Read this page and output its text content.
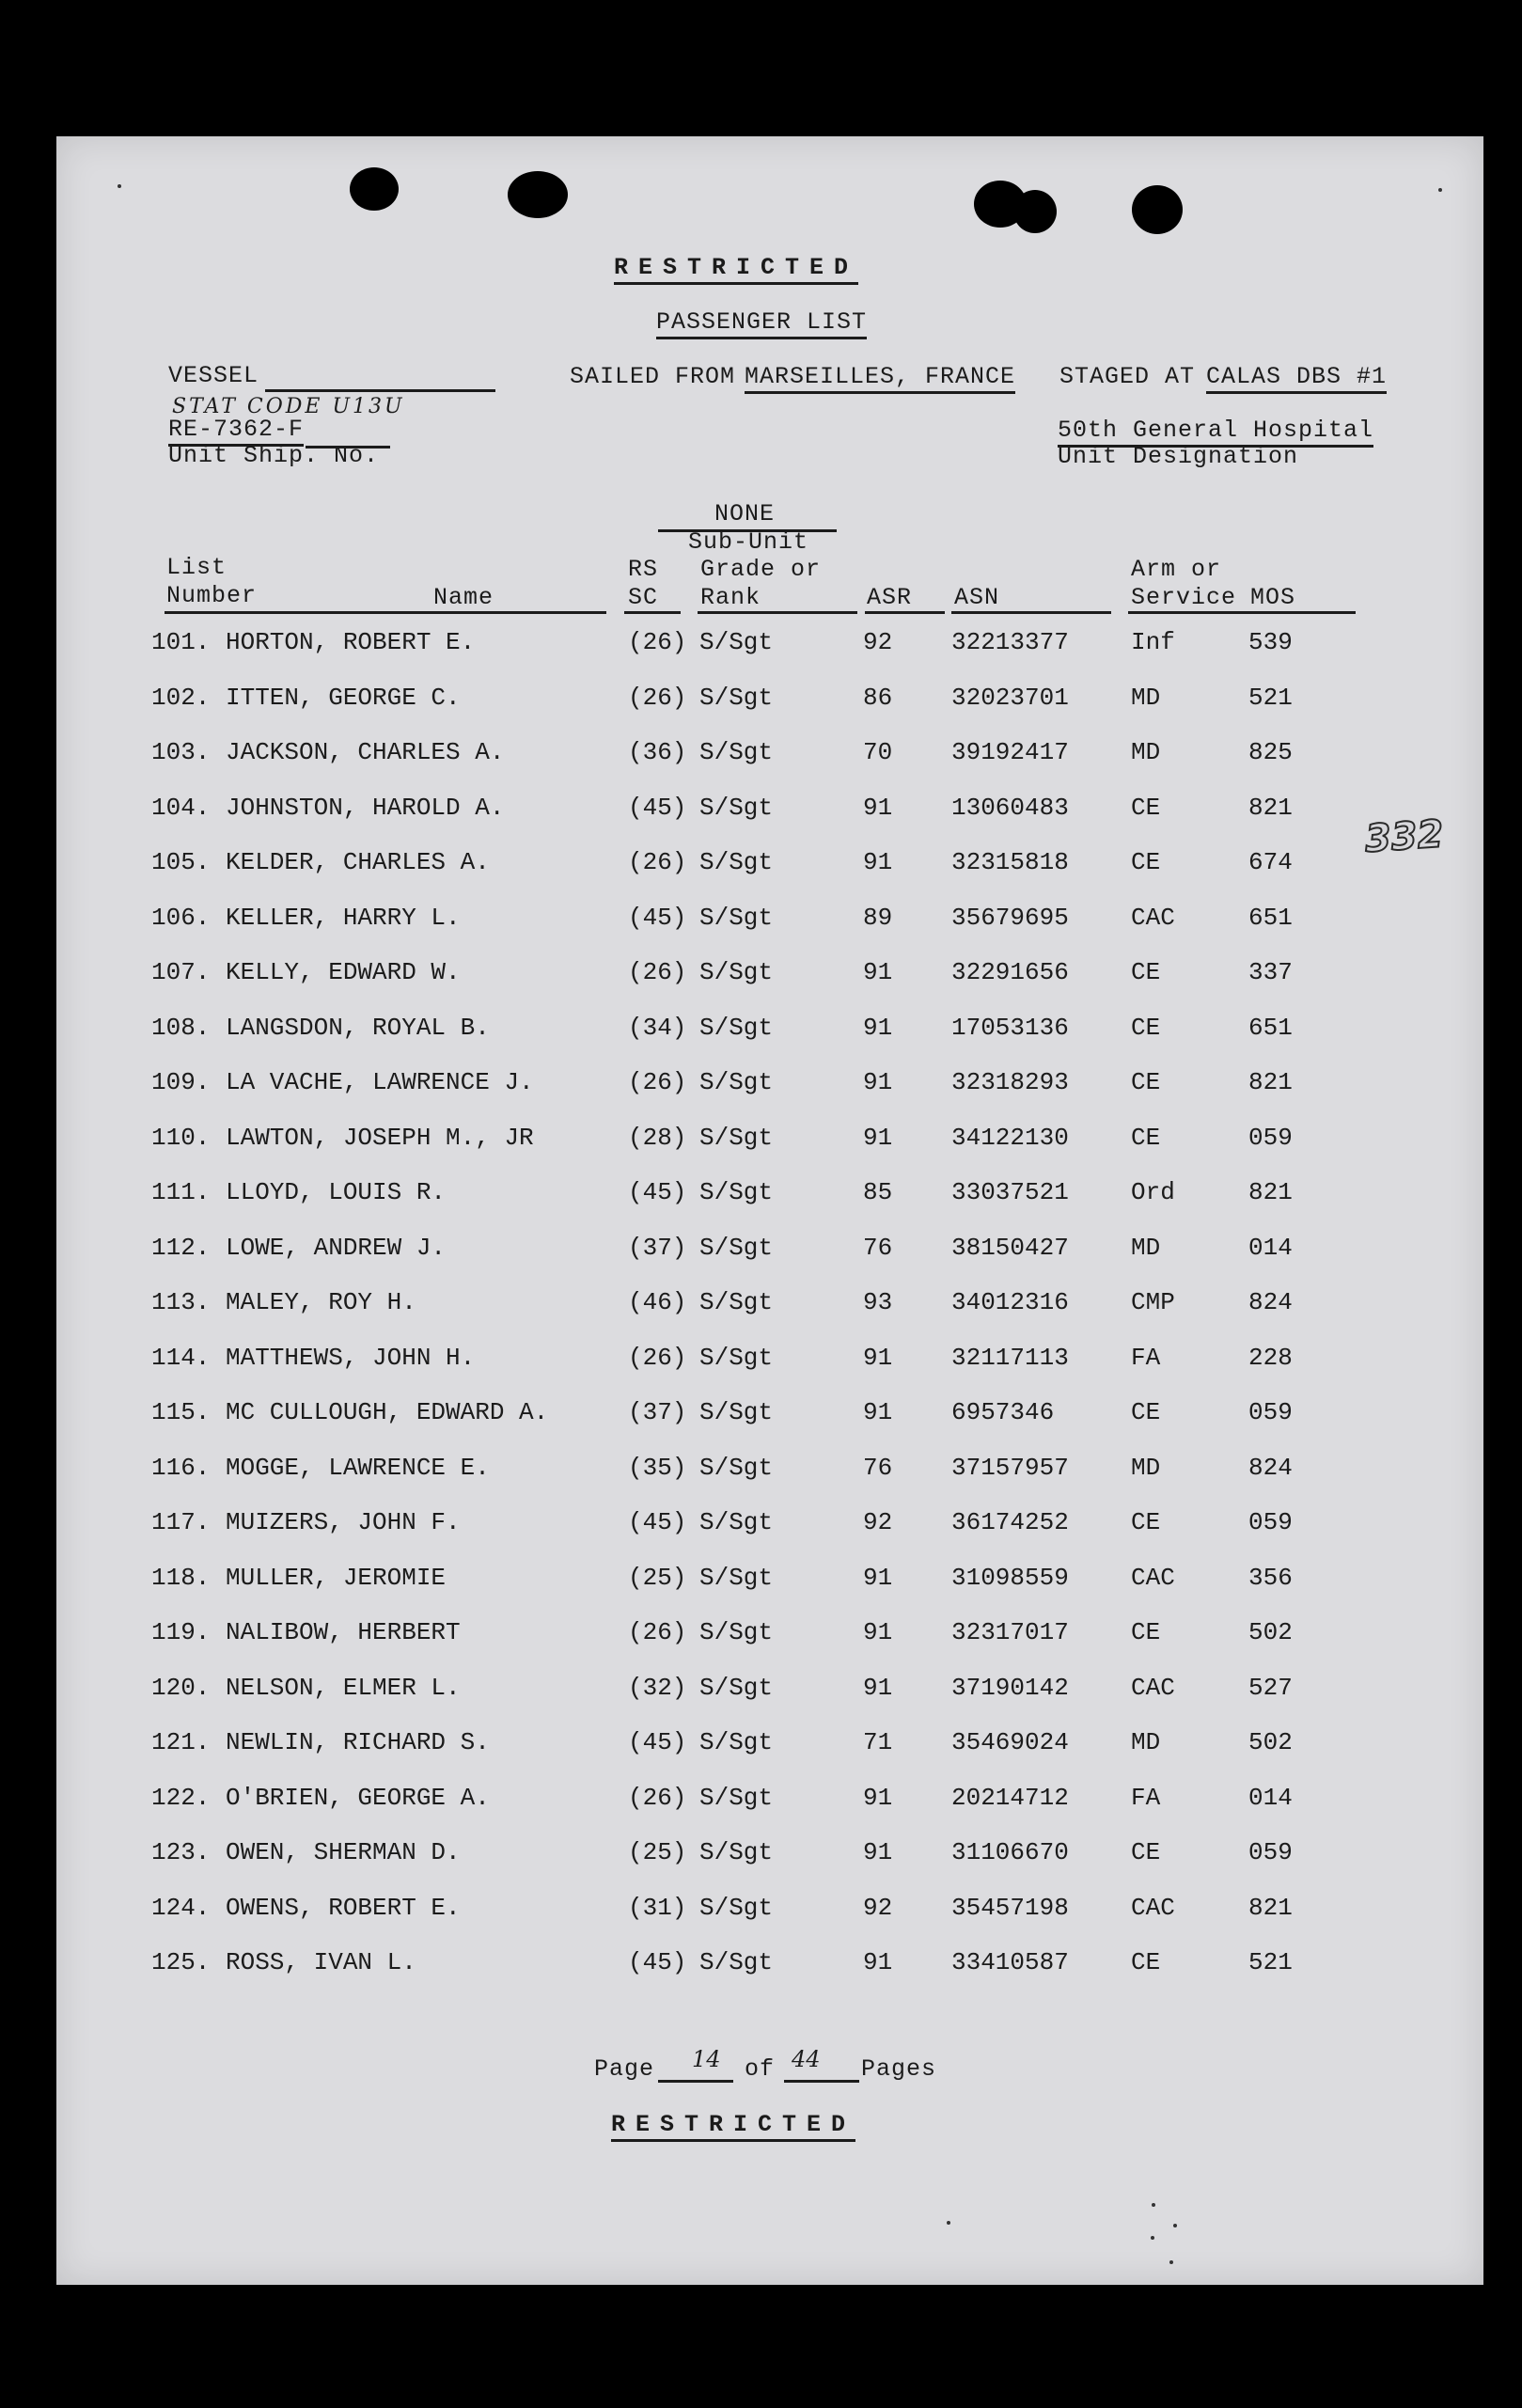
RESTRICTED
PASSENGER LIST
VESSEL	SAILED FROM MARSEILLES, FRANCE STAGED AT CALAS DBS #1
STAT CODE U13U
RE-7362-F
Unit Ship. No.
50th General Hospital
Unit Designation
NONE
Sub-Unit
List
Number	Name
RS
SC
Grade or
Rank	ASR ASN
Arm or
Service MOS
101. HORTON, ROBERT E.	(26) S/Sgt	92 32213377	Inf	539
102. ITTEN, GEORGE C.	(26) S/Sgt	86 32023701	MD	521
103. JACKSON, CHARLES A.	(36) S/Sgt	70 39192417	MD	825
104. JOHNSTON, HAROLD A.	(45) S/Sgt	91 13060483	CE	821
105. KELDER, CHARLES A.	(26) S/Sgt	91 32315818	CE	674
106. KELLER, HARRY L.	(45) S/Sgt	89 35679695	CAC	651
107. KELLY, EDWARD W.	(26) S/Sgt	91 32291656	CE	337
108. LANGSDON, ROYAL B.	(34) S/Sgt	91 17053136	CE	651
109. LA VACHE, LAWRENCE J.	(26) S/Sgt	91 32318293	CE	821
110. LAWTON, JOSEPH M., JR	(28) S/Sgt	91 34122130	CE	059
111. LLOYD, LOUIS R.	(45) S/Sgt	85 33037521	Ord	821
112. LOWE, ANDREW J.	(37) S/Sgt	76 38150427	MD	014
113. MALEY, ROY H.	(46) S/Sgt	93 34012316	CMP	824
114. MATTHEWS, JOHN H.	(26) S/Sgt	91 32117113	FA	228
115. MC CULLOUGH, EDWARD A.	(37) S/Sgt	91 6957346	CE	059
116. MOGGE, LAWRENCE E.	(35) S/Sgt	76 37157957	MD	824
117. MUIZERS, JOHN F.	(45) S/Sgt	92 36174252	CE	059
118. MULLER, JEROMIE	(25) S/Sgt	91 31098559	CAC	356
119. NALIBOW, HERBERT	(26) S/Sgt	91 32317017	CE	502
120. NELSON, ELMER L.	(32) S/Sgt	91 37190142	CAC	527
121. NEWLIN, RICHARD S.	(45) S/Sgt	71 35469024	MD	502
122. O'BRIEN, GEORGE A.	(26) S/Sgt	91 20214712	FA	014
123. OWEN, SHERMAN D.	(25) S/Sgt	91 31106670	CE	059
124. OWENS, ROBERT E.	(31) S/Sgt	92 35457198	CAC	821
125. ROSS, IVAN L.	(45) S/Sgt	91 33410587	CE	521
332
Page 14 of 44 Pages
RESTRICTED
